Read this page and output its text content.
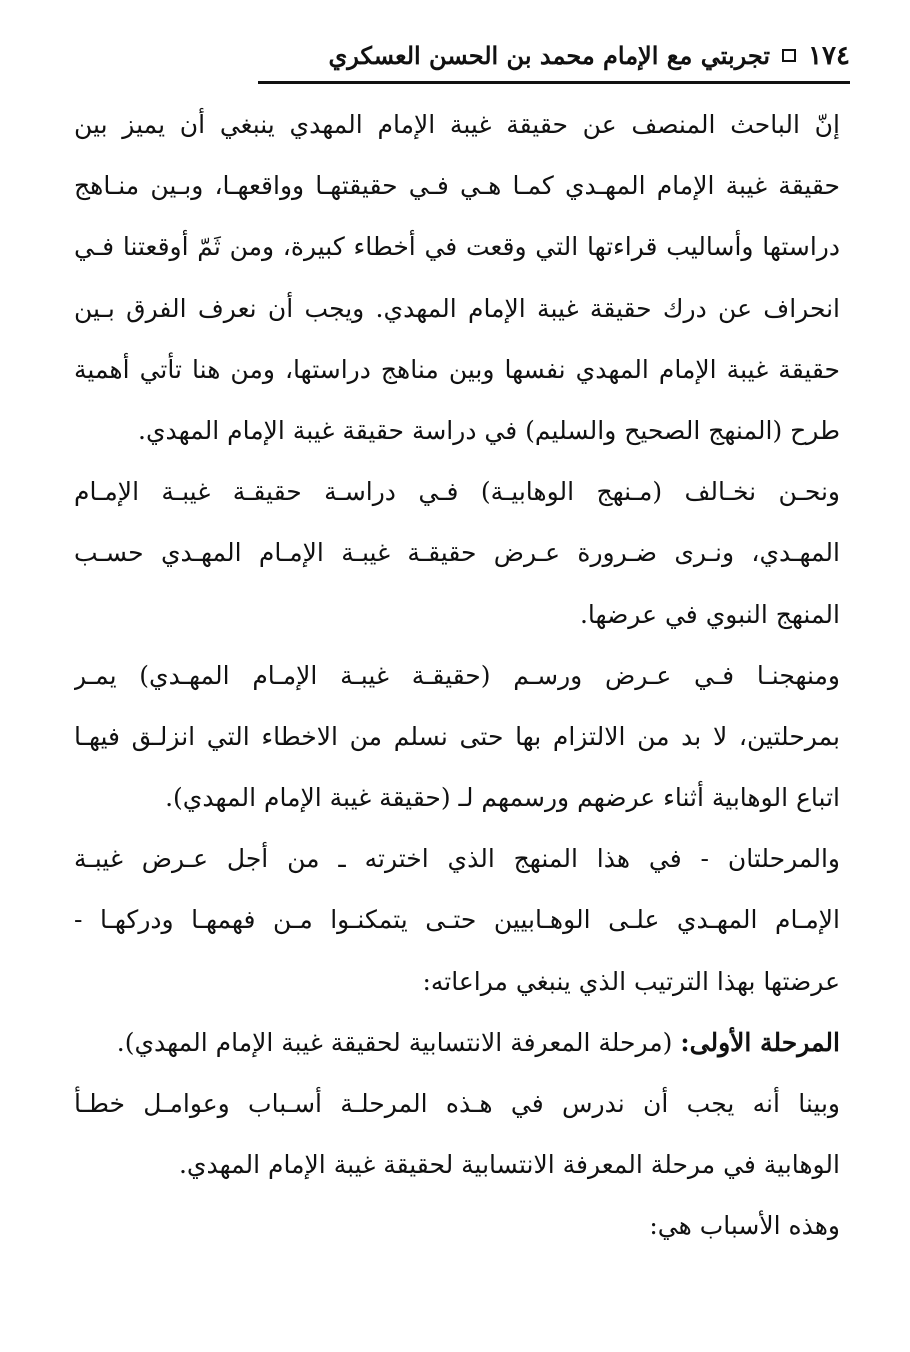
١٧٤
تجربتي مع الإمام محمد بن الحسن العسكري
إنّ الباحث المنصف عن حقيقة غيبة الإمام المهدي ينبغي أن يميز بين
حقيقة غيبة الإمام المهـدي كمـا هـي فـي حقيقتهـا وواقعهـا، وبـين منـاهج
دراستها وأساليب قراءتها التي وقعت في أخطاء كبيرة، ومن ثَمّ أوقعتنا فـي
انحراف عن درك حقيقة غيبة الإمام المهدي. ويجب أن نعرف الفرق بـين
حقيقة غيبة الإمام المهدي نفسها وبين مناهج دراستها، ومن هنا تأتي أهمية
طرح (المنهج الصحيح والسليم) في دراسة حقيقة غيبة الإمام المهدي.
ونحـن نخـالف (مـنهج الوهابيـة) فـي دراسـة حقيقـة غيبـة الإمـام
المهـدي، ونـرى ضـرورة عـرض حقيقـة غيبـة الإمـام المهـدي حسـب
المنهج النبوي في عرضها.
ومنهجنـا فـي عـرض ورسـم (حقيقـة غيبـة الإمـام المهـدي) يمـر
بمرحلتين، لا بد من الالتزام بها حتى نسلم من الاخطاء التي انزلـق فيهـا
اتباع الوهابية أثناء عرضهم ورسمهم لـ (حقيقة غيبة الإمام المهدي).
والمرحلتان - في هذا المنهج الذي اخترته ـ من أجل عـرض غيبـة
الإمـام المهـدي علـى الوهـابيين حتـى يتمكنـوا مـن فهمهـا ودركهـا -
عرضتها بهذا الترتيب الذي ينبغي مراعاته:
المرحلة الأولى: (مرحلة المعرفة الانتسابية لحقيقة غيبة الإمام المهدي).
وبينا أنه يجب أن ندرس في هـذه المرحلـة أسـباب وعوامـل خطـأ
الوهابية في مرحلة المعرفة الانتسابية لحقيقة غيبة الإمام المهدي.
وهذه الأسباب هي:
